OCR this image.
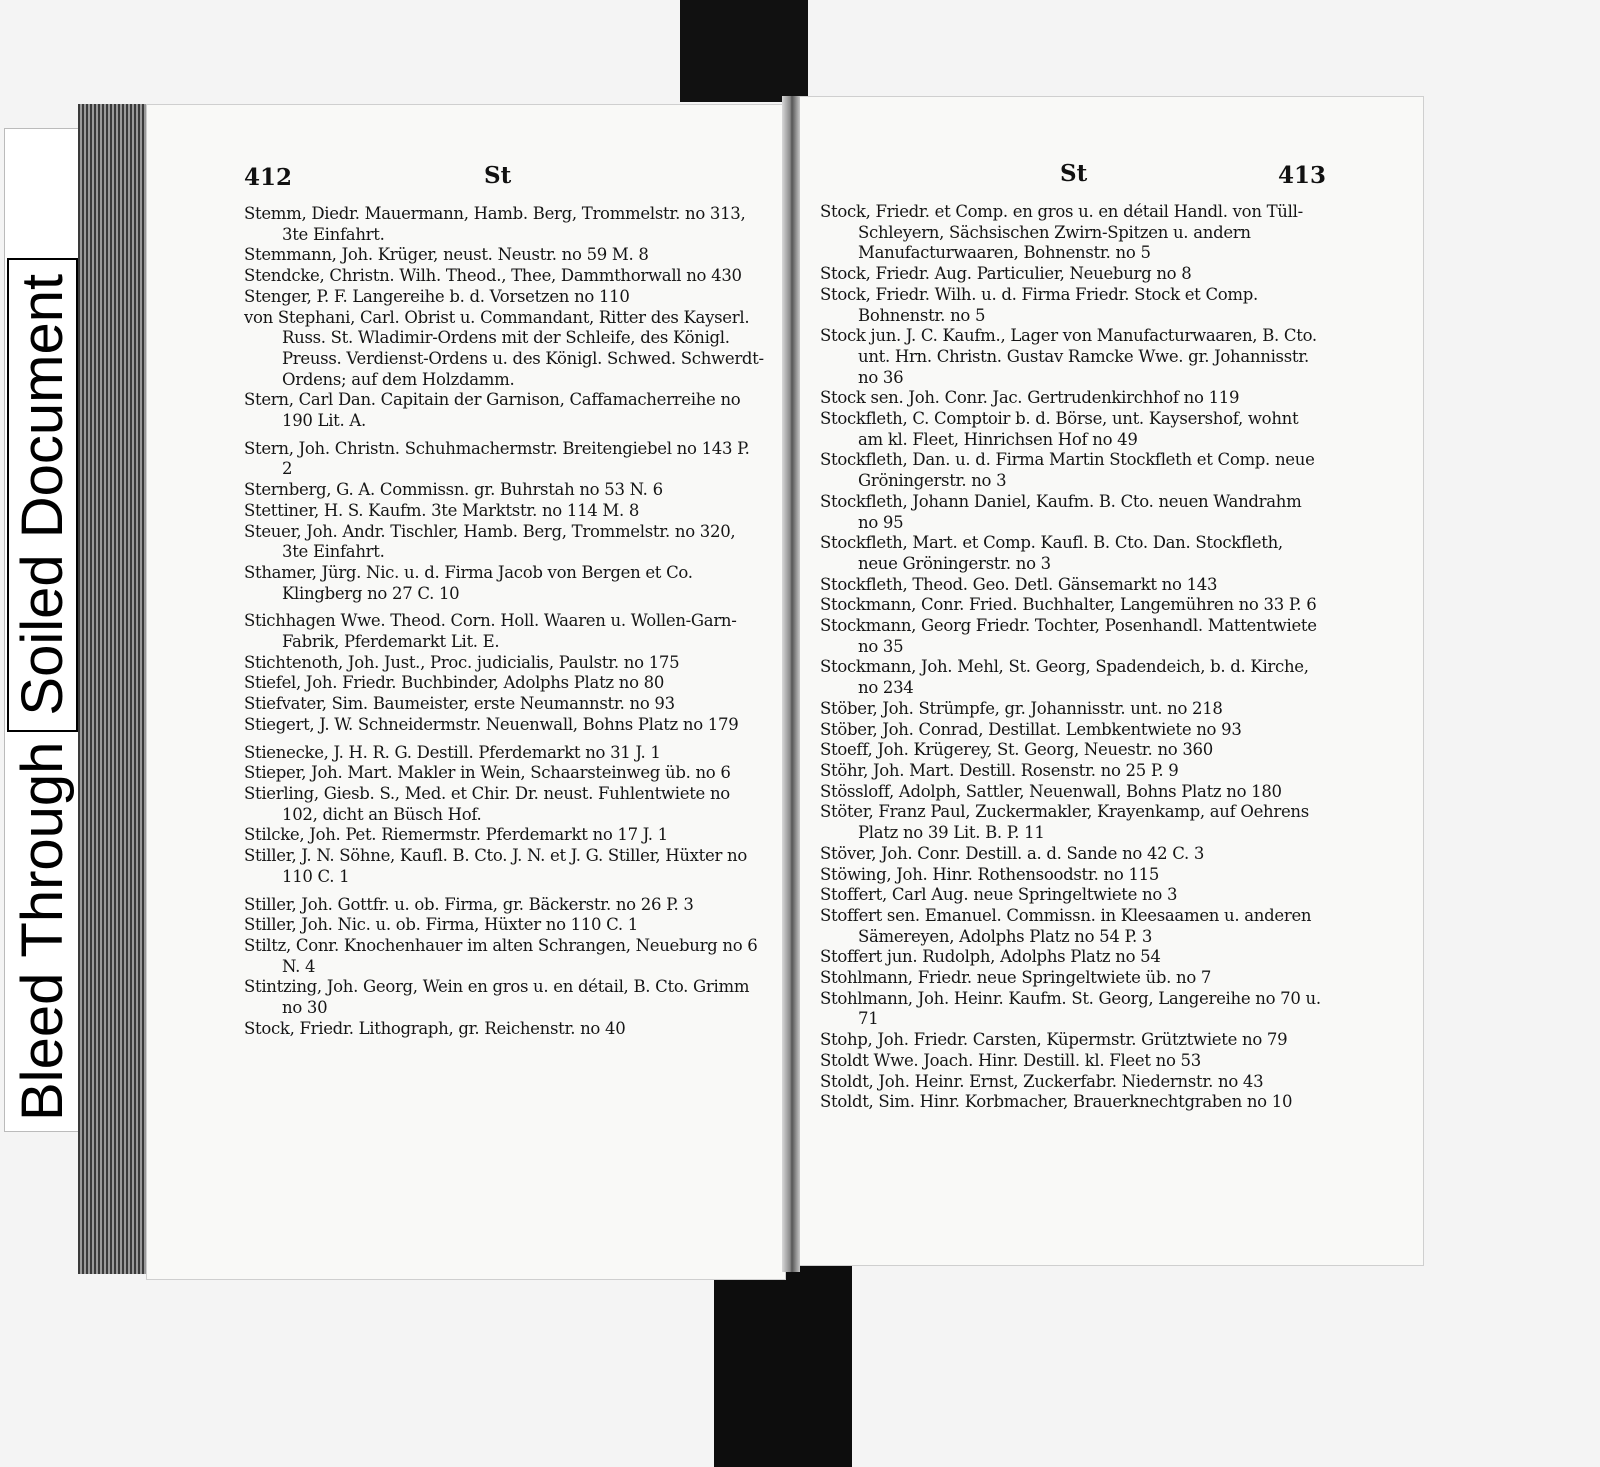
Bleed Through
Soiled Document
412	St	St	413

Stemm, Diedr. Mauermann, Hamb. Berg, Trommelstr. no 313, 3te Einfahrt.

Stemmann, Joh. Krüger, neust. Neustr. no 59 M. 8

Stendcke, Christn. Wilh. Theod., Thee, Dammthorwall no 430

Stenger, P. F. Langereihe b. d. Vorsetzen no 110

von Stephani, Carl. Obrist u. Commandant, Ritter des Kayserl. Russ. St. Wladimir-Ordens mit der Schleife, des Königl. Preuss. Verdienst-Ordens u. des Königl. Schwed. Schwerdt-Ordens; auf dem Holzdamm.

Stern, Carl Dan. Capitain der Garnison, Caffamacherreihe no 190 Lit. A.

Stern, Joh. Christn. Schuhmachermstr. Breitengiebel no 143 P. 2

Sternberg, G. A. Commissn. gr. Buhrstah no 53 N. 6

Stettiner, H. S. Kaufm. 3te Marktstr. no 114 M. 8

Steuer, Joh. Andr. Tischler, Hamb. Berg, Trommelstr. no 320, 3te Einfahrt.

Sthamer, Jürg. Nic. u. d. Firma Jacob von Bergen et Co. Klingberg no 27 C. 10

Stichhagen Wwe. Theod. Corn. Holl. Waaren u. Wollen-Garn-Fabrik, Pferdemarkt Lit. E.

Stichtenoth, Joh. Just., Proc. judicialis, Paulstr. no 175

Stiefel, Joh. Friedr. Buchbinder, Adolphs Platz no 80

Stiefvater, Sim. Baumeister, erste Neumannstr. no 93

Stiegert, J. W. Schneidermstr. Neuenwall, Bohns Platz no 179

Stienecke, J. H. R. G. Destill. Pferdemarkt no 31 J. 1

Stieper, Joh. Mart. Makler in Wein, Schaarsteinweg üb. no 6

Stierling, Giesb. S., Med. et Chir. Dr. neust. Fuhlentwiete no 102, dicht an Büsch Hof.

Stilcke, Joh. Pet. Riemermstr. Pferdemarkt no 17 J. 1

Stiller, J. N. Söhne, Kaufl. B. Cto. J. N. et J. G. Stiller, Hüxter no 110 C. 1

Stiller, Joh. Gottfr. u. ob. Firma, gr. Bäckerstr. no 26 P. 3

Stiller, Joh. Nic. u. ob. Firma, Hüxter no 110 C. 1

Stiltz, Conr. Knochenhauer im alten Schrangen, Neueburg no 6 N. 4

Stintzing, Joh. Georg, Wein en gros u. en détail, B. Cto. Grimm no 30

Stock, Friedr. Lithograph, gr. Reichenstr. no 40

Stock, Friedr. et Comp. en gros u. en détail Handl. von Tüll-Schleyern, Sächsischen Zwirn-Spitzen u. andern Manufacturwaaren, Bohnenstr. no 5

Stock, Friedr. Aug. Particulier, Neueburg no 8

Stock, Friedr. Wilh. u. d. Firma Friedr. Stock et Comp. Bohnenstr. no 5

Stock jun. J. C. Kaufm., Lager von Manufacturwaaren, B. Cto. unt. Hrn. Christn. Gustav Ramcke Wwe. gr. Johannisstr. no 36

Stock sen. Joh. Conr. Jac. Gertrudenkirchhof no 119

Stockfleth, C. Comptoir b. d. Börse, unt. Kaysershof, wohnt am kl. Fleet, Hinrichsen Hof no 49

Stockfleth, Dan. u. d. Firma Martin Stockfleth et Comp. neue Gröningerstr. no 3

Stockfleth, Johann Daniel, Kaufm. B. Cto. neuen Wandrahm no 95

Stockfleth, Mart. et Comp. Kaufl. B. Cto. Dan. Stockfleth, neue Gröningerstr. no 3

Stockfleth, Theod. Geo. Detl. Gänsemarkt no 143

Stockmann, Conr. Fried. Buchhalter, Langemühren no 33 P. 6

Stockmann, Georg Friedr. Tochter, Posenhandl. Mattentwiete no 35

Stockmann, Joh. Mehl, St. Georg, Spadendeich, b. d. Kirche, no 234

Stöber, Joh. Strümpfe, gr. Johannisstr. unt. no 218

Stöber, Joh. Conrad, Destillat. Lembkentwiete no 93

Stoeff, Joh. Krügerey, St. Georg, Neuestr. no 360

Stöhr, Joh. Mart. Destill. Rosenstr. no 25 P. 9

Stössloff, Adolph, Sattler, Neuenwall, Bohns Platz no 180

Stöter, Franz Paul, Zuckermakler, Krayenkamp, auf Oehrens Platz no 39 Lit. B. P. 11

Stöver, Joh. Conr. Destill. a. d. Sande no 42 C. 3

Stöwing, Joh. Hinr. Rothensoodstr. no 115

Stoffert, Carl Aug. neue Springeltwiete no 3

Stoffert sen. Emanuel. Commissn. in Kleesaamen u. anderen Sämereyen, Adolphs Platz no 54 P. 3

Stoffert jun. Rudolph, Adolphs Platz no 54

Stohlmann, Friedr. neue Springeltwiete üb. no 7

Stohlmann, Joh. Heinr. Kaufm. St. Georg, Langereihe no 70 u. 71

Stohp, Joh. Friedr. Carsten, Küpermstr. Grütztwiete no 79

Stoldt Wwe. Joach. Hinr. Destill. kl. Fleet no 53

Stoldt, Joh. Heinr. Ernst, Zuckerfabr. Niedernstr. no 43

Stoldt, Sim. Hinr. Korbmacher, Brauerknechtgraben no 10
